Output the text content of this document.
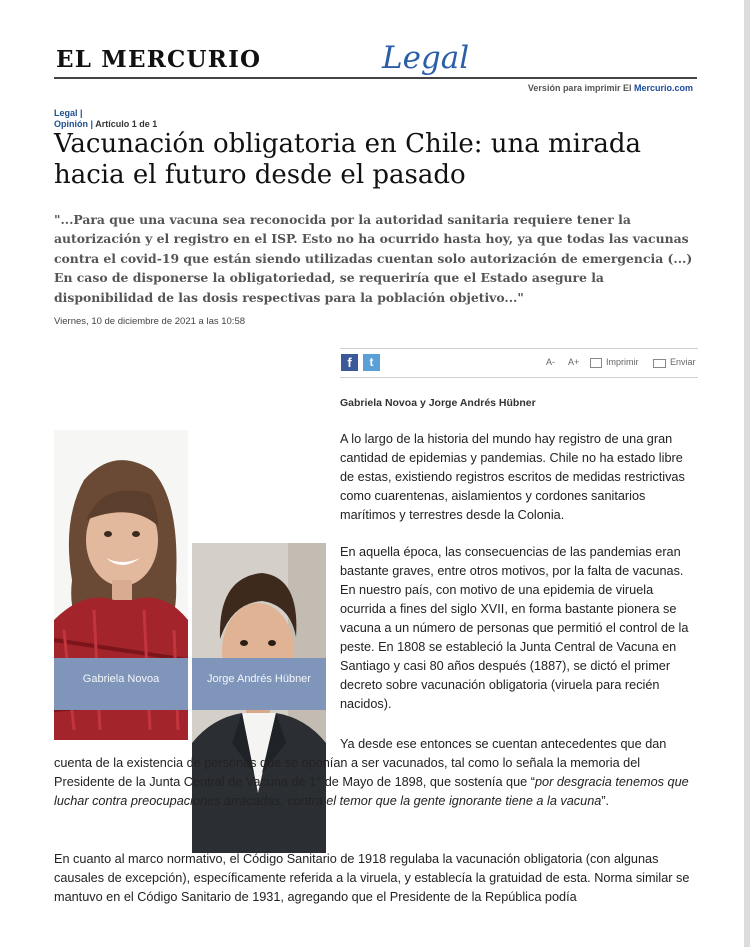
EL MERCURIO	Legal
Versión para imprimir El Mercurio.com
Legal |
Opinión | Artículo 1 de 1
Vacunación obligatoria en Chile: una mirada hacia el futuro desde el pasado

"...Para que una vacuna sea reconocida por la autoridad sanitaria requiere tener la autorización y el registro en el ISP. Esto no ha ocurrido hasta hoy, ya que todas las vacunas contra el covid-19 que están siendo utilizadas cuentan solo autorización de emergencia (...) En caso de disponerse la obligatoriedad, se requeriría que el Estado asegure la disponibilidad de las dosis respectivas para la población objetivo..."

Viernes, 10 de diciembre de 2021 a las 10:58
Gabriela Novoa	Jorge Andrés Hübner
f	t	A- A+	Imprimir	Enviar
Gabriela Novoa y Jorge Andrés Hübner

A lo largo de la historia del mundo hay registro de una gran cantidad de epidemias y pandemias. Chile no ha estado libre de estas, existiendo registros escritos de medidas restrictivas como cuarentenas, aislamientos y cordones sanitarios marítimos y terrestres desde la Colonia.

En aquella época, las consecuencias de las pandemias eran bastante graves, entre otros motivos, por la falta de vacunas. En nuestro país, con motivo de una epidemia de viruela ocurrida a fines del siglo XVII, en forma bastante pionera se vacuna a un número de personas que permitió el control de la peste. En 1808 se estableció la Junta Central de Vacuna en Santiago y casi 80 años después (1887), se dictó el primer decreto sobre vacunación obligatoria (viruela para recién nacidos).

Ya desde ese entonces se cuentan antecedentes que dan cuenta de la existencia de personas que se oponían a ser vacunados, tal como lo señala la memoria del Presidente de la Junta Central de Vacuna de 1° de Mayo de 1898, que sostenía que “por desgracia tenemos que luchar contra preocupaciones arracadas, contra el temor que la gente ignorante tiene a la vacuna”.

En cuanto al marco normativo, el Código Sanitario de 1918 regulaba la vacunación obligatoria (con algunas causales de excepción), específicamente referida a la viruela, y establecía la gratuidad de esta. Norma similar se mantuvo en el Código Sanitario de 1931, agregando que el Presidente de la República podía
